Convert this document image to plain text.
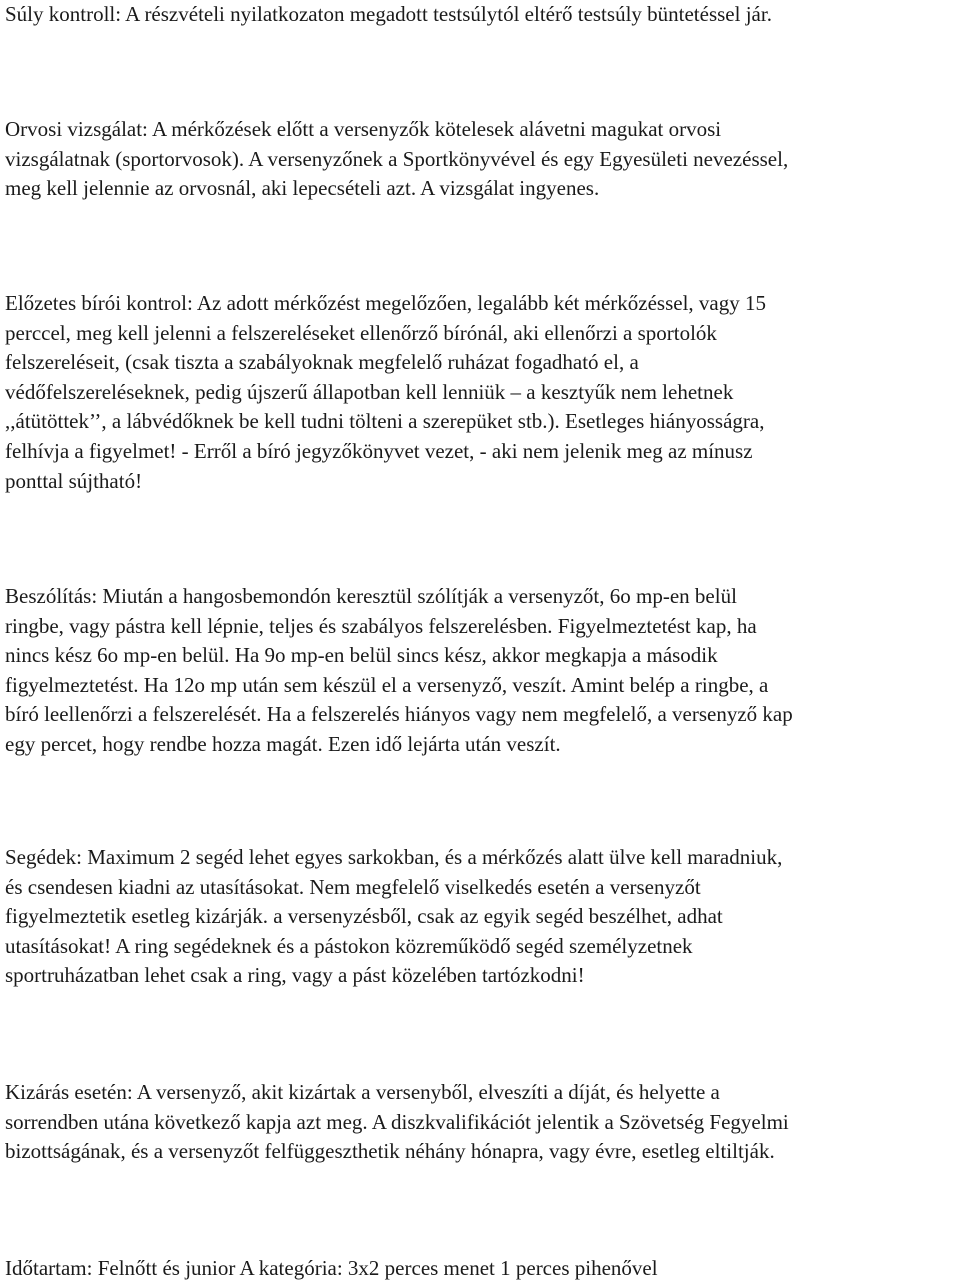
Súly kontroll: A részvételi nyilatkozaton megadott testsúlytól eltérő testsúly büntetéssel jár.

Orvosi vizsgálat: A mérkőzések előtt a versenyzők kötelesek alávetni magukat orvosi

vizsgálatnak (sportorvosok). A versenyzőnek a Sportkönyvével és egy Egyesületi nevezéssel,

meg kell jelennie az orvosnál, aki lepecsételi azt. A vizsgálat ingyenes.

Előzetes bírói kontrol: Az adott mérkőzést megelőzően, legalább két mérkőzéssel, vagy 15

perccel, meg kell jelenni a felszereléseket ellenőrző bírónál, aki ellenőrzi a sportolók

felszereléseit, (csak tiszta a szabályoknak megfelelő ruházat fogadható el, a

védőfelszereléseknek, pedig újszerű állapotban kell lenniük – a kesztyűk nem lehetnek

,,átütöttek’’, a lábvédőknek be kell tudni tölteni a szerepüket stb.). Esetleges hiányosságra,

felhívja a figyelmet! - Erről a bíró jegyzőkönyvet vezet, - aki nem jelenik meg az mínusz

ponttal sújtható!

Beszólítás: Miután a hangosbemondón keresztül szólítják a versenyzőt, 6o mp-en belül

ringbe, vagy pástra kell lépnie, teljes és szabályos felszerelésben. Figyelmeztetést kap, ha

nincs kész 6o mp-en belül. Ha 9o mp-en belül sincs kész, akkor megkapja a második

figyelmeztetést. Ha 12o mp után sem készül el a versenyző, veszít. Amint belép a ringbe, a

bíró leellenőrzi a felszerelését. Ha a felszerelés hiányos vagy nem megfelelő, a versenyző kap

egy percet, hogy rendbe hozza magát. Ezen idő lejárta után veszít.

Segédek: Maximum 2 segéd lehet egyes sarkokban, és a mérkőzés alatt ülve kell maradniuk,

és csendesen kiadni az utasításokat. Nem megfelelő viselkedés esetén a versenyzőt

figyelmeztetik esetleg kizárják. a versenyzésből, csak az egyik segéd beszélhet, adhat

utasításokat! A ring segédeknek és a pástokon közreműködő segéd személyzetnek

sportruházatban lehet csak a ring, vagy a pást közelében tartózkodni!

Kizárás esetén: A versenyző, akit kizártak a versenyből, elveszíti a díját, és helyette a

sorrendben utána következő kapja azt meg. A diszkvalifikációt jelentik a Szövetség Fegyelmi

bizottságának, és a versenyzőt felfüggeszthetik néhány hónapra, vagy évre, esetleg eltiltják.

Időtartam: Felnőtt és junior A kategória: 3x2 perces menet 1 perces pihenővel
